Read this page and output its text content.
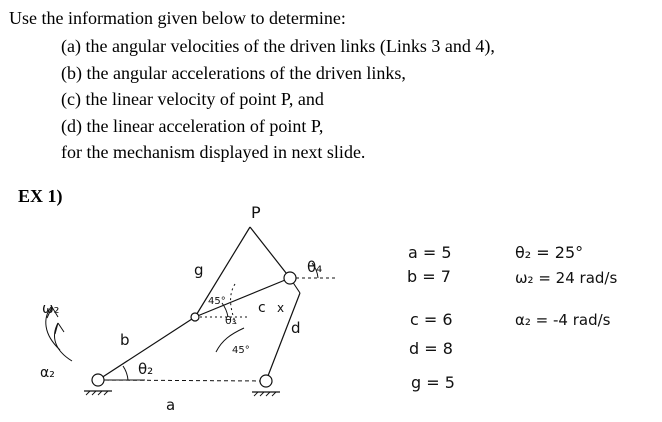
Use the information given below to determine:
(a) the angular velocities of the driven links (Links 3 and 4),
(b) the angular accelerations of the driven links,
(c) the linear velocity of point P, and
(d) the linear acceleration of point P,
for the mechanism displayed in next slide.
EX 1)
P
g	θ₄
45°
θ₃
45°
c x
d
b
θ₂
a
ω₂
α₂
a = 5
b = 7
c = 6
d = 8
g = 5
θ₂ = 25°
ω₂ = 24 rad/s
α₂ = -4 rad/s
